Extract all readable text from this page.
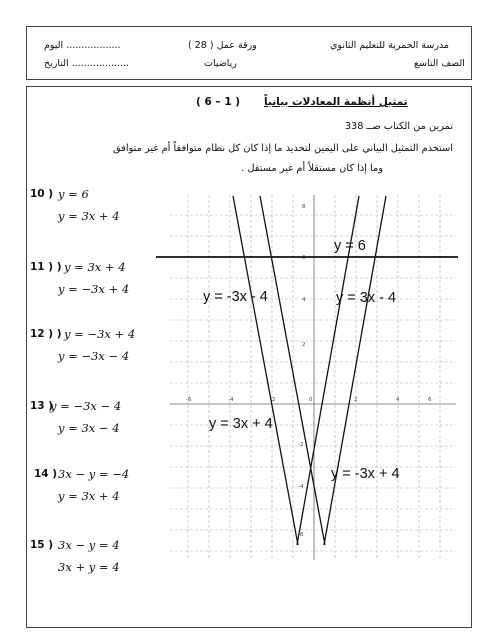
مدرسة الحمرية للتعليم الثانوي
الصف التاسع
ورقة عمل ( 28 )
رياضيات
اليوم ..................
التاريخ ...................
تمثيل أنظمة المعادلات بيانياً
( 6 – 1 )
تمرين من الكتاب صــ 338
استخدم التمثيل البياني على اليمين لتحديد ما إذا كان كل نظام متوافقاً أم غير متوافق
وما إذا كان مستقلاً أم غير مستقل .
10 ) y = 6
y = 3x + 4
11 ) ) y = 3x + 4
y = −3x + 4
12 ) ) y = −3x + 4
y = −3x − 4
13 )
y = −3x − 4
y = 3x − 4
14 ) 3x − y = −4
y = 3x + 4
15 ) 3x − y = 4
3x + y = 4
-6	-4	-2	0	2	4	6
8
6
4
2
-2
-4
-6
y = 6
y = -3x - 4	y = 3x - 4
y = 3x + 4
y = -3x + 4
